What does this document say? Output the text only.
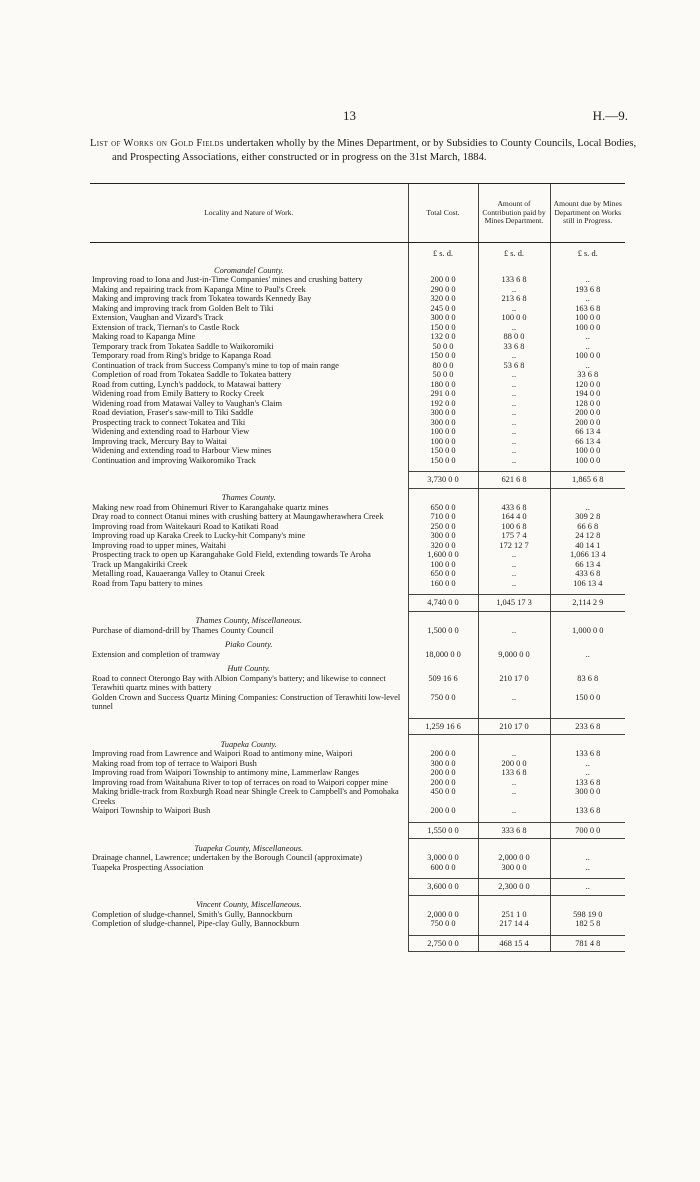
13	H.—9.
List of Works on Gold Fields undertaken wholly by the Mines Department, or by Subsidies to County Councils, Local Bodies, and Prospecting Associations, either constructed or in progress on the 31st March, 1884.
Locality and Nature of Work.	Total Cost.	Amount of Contribution paid by Mines Department.	Amount due by Mines Department on Works still in Progress.
	£ s. d.	£ s. d.	£ s. d.
Coromandel County.			
Improving road to Iona and Just-in-Time Companies' mines and crushing battery	200 0 0	133 6 8	..
Making and repairing track from Kapanga Mine to Paul's Creek	290 0 0	..	193 6 8
Making and improving track from Tokatea towards Kennedy Bay	320 0 0	213 6 8	..
Making and improving track from Golden Belt to Tiki	245 0 0	..	163 6 8
Extension, Vaughan and Vizard's Track	300 0 0	100 0 0	100 0 0
Extension of track, Tiernan's to Castle Rock	150 0 0	..	100 0 0
Making road to Kapanga Mine	132 0 0	88 0 0	..
Temporary track from Tokatea Saddle to Waikoromiki	50 0 0	33 6 8	..
Temporary road from Ring's bridge to Kapanga Road	150 0 0	..	100 0 0
Continuation of track from Success Company's mine to top of main range	80 0 0	53 6 8	..
Completion of road from Tokatea Saddle to Tokatea battery	50 0 0	..	33 6 8
Road from cutting, Lynch's paddock, to Matawai battery	180 0 0	..	120 0 0
Widening road from Emily Battery to Rocky Creek	291 0 0	..	194 0 0
Widening road from Matawai Valley to Vaughan's Claim	192 0 0	..	128 0 0
Road deviation, Fraser's saw-mill to Tiki Saddle	300 0 0	..	200 0 0
Prospecting track to connect Tokatea and Tiki	300 0 0	..	200 0 0
Widening and extending road to Harbour View	100 0 0	..	66 13 4
Improving track, Mercury Bay to Waitai	100 0 0	..	66 13 4
Widening and extending road to Harbour View mines	150 0 0	..	100 0 0
Continuation and improving Waikoromiko Track	150 0 0	..	100 0 0

	3,730 0 0	621 6 8	1,865 6 8
Thames County.			
Making new road from Ohinemuri River to Karangahake quartz mines	650 0 0	433 6 8	..
Dray road to connect Otanui mines with crushing battery at Maungawherawhera Creek	710 0 0	164 4 0	309 2 8
Improving road from Waitekauri Road to Katikati Road	250 0 0	100 6 8	66 6 8
Improving road up Karaka Creek to Lucky-hit Company's mine	300 0 0	175 7 4	24 12 8
Improving road to upper mines, Waitahi	320 0 0	172 12 7	40 14 1
Prospecting track to open up Karangahake Gold Field, extending towards Te Aroha	1,600 0 0	..	1,066 13 4
Track up Mangakiriki Creek	100 0 0	..	66 13 4
Metalling road, Kauaeranga Valley to Otanui Creek	650 0 0	..	433 6 8
Road from Tapu battery to mines	160 0 0	..	106 13 4

	4,740 0 0	1,045 17 3	2,114 2 9
Thames County, Miscellaneous.			
Purchase of diamond-drill by Thames County Council	1,500 0 0	..	1,000 0 0
Piako County.			
Extension and completion of tramway	18,000 0 0	9,000 0 0	..
Hutt County.			
Road to connect Oterongo Bay with Albion Company's battery; and likewise to connect Terawhiti quartz mines with battery	509 16 6	210 17 0	83 6 8
Golden Crown and Success Quartz Mining Companies: Construction of Terawhiti low-level tunnel	750 0 0	..	150 0 0

	1,259 16 6	210 17 0	233 6 8
Tuapeka County.			
Improving road from Lawrence and Waipori Road to antimony mine, Waipori	200 0 0	..	133 6 8
Making road from top of terrace to Waipori Bush	300 0 0	200 0 0	..
Improving road from Waipori Township to antimony mine, Lammerlaw Ranges	200 0 0	133 6 8	..
Improving road from Waitahuna River to top of terraces on road to Waipori copper mine	200 0 0	..	133 6 8
Making bridle-track from Roxburgh Road near Shingle Creek to Campbell's and Pomohaka Creeks	450 0 0	..	300 0 0
Waipori Township to Waipori Bush	200 0 0	..	133 6 8

	1,550 0 0	333 6 8	700 0 0
Tuapeka County, Miscellaneous.			
Drainage channel, Lawrence; undertaken by the Borough Council (approximate)	3,000 0 0	2,000 0 0	..
Tuapeka Prospecting Association	600 0 0	300 0 0	..

	3,600 0 0	2,300 0 0	..
Vincent County, Miscellaneous.			
Completion of sludge-channel, Smith's Gully, Bannockburn	2,000 0 0	251 1 0	598 19 0
Completion of sludge-channel, Pipe-clay Gully, Bannockburn	750 0 0	217 14 4	182 5 8

	2,750 0 0	468 15 4	781 4 8
